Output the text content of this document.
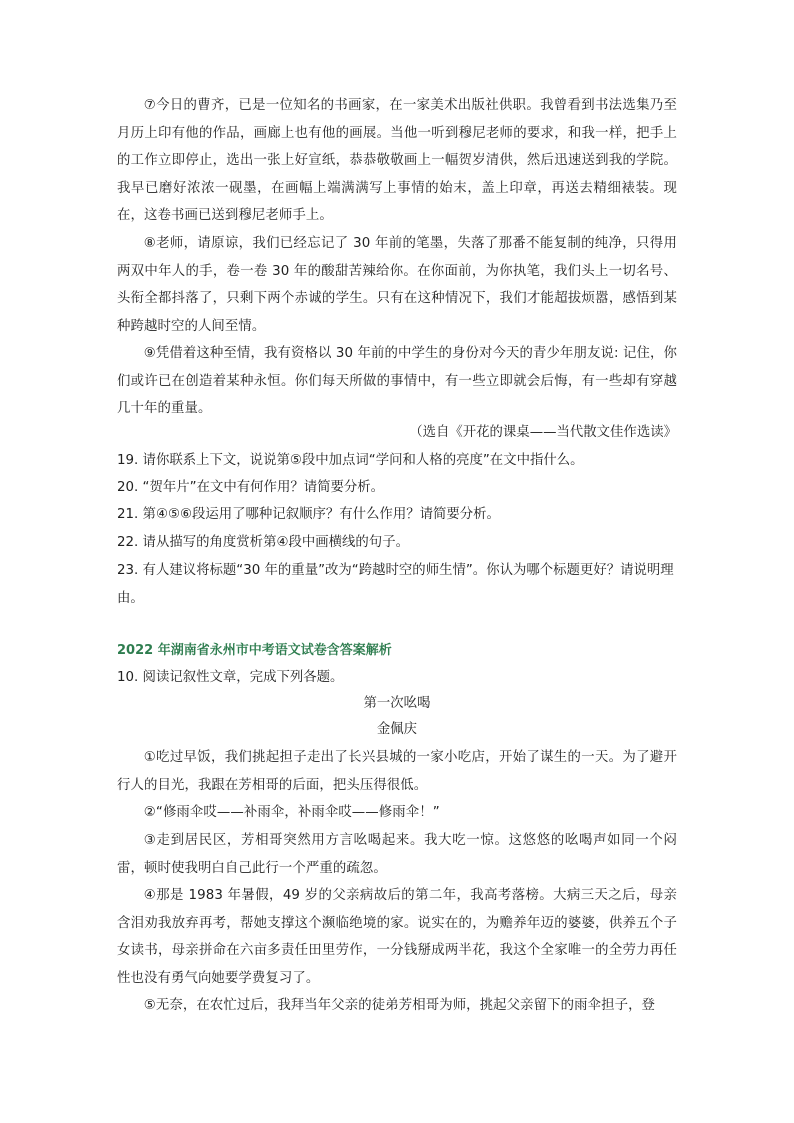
⑦今日的曹齐，已是一位知名的书画家，在一家美术出版社供职。我曾看到书法选集乃至月历上印有他的作品，画廊上也有他的画展。当他一听到穆尼老师的要求，和我一样，把手上的工作立即停止，选出一张上好宣纸，恭恭敬敬画上一幅贺岁清供，然后迅速送到我的学院。我早已磨好浓浓一砚墨，在画幅上端满满写上事情的始末，盖上印章，再送去精细裱装。现在，这卷书画已送到穆尼老师手上。

⑧老师，请原谅，我们已经忘记了 30 年前的笔墨，失落了那番不能复制的纯净，只得用两双中年人的手，卷一卷 30 年的酸甜苦辣给你。在你面前，为你执笔，我们头上一切名号、头衔全都抖落了，只剩下两个赤诚的学生。只有在这种情况下，我们才能超拔烦嚣，感悟到某种跨越时空的人间至情。

⑨凭借着这种至情，我有资格以 30 年前的中学生的身份对今天的青少年朋友说: 记住，你们或许已在创造着某种永恒。你们每天所做的事情中，有一些立即就会后悔，有一些却有穿越几十年的重量。

（选自《开花的课桌——当代散文佳作选读》

19. 请你联系上下文，说说第⑤段中加点词“学问和人格的亮度”在文中指什么。

20. “贺年片”在文中有何作用？请简要分析。

21. 第④⑤⑥段运用了哪种记叙顺序？有什么作用？请简要分析。

22. 请从描写的角度赏析第④段中画横线的句子。

23. 有人建议将标题“30 年的重量”改为“跨越时空的师生情”。你认为哪个标题更好？请说明理由。

2022 年湖南省永州市中考语文试卷含答案解析

10. 阅读记叙性文章，完成下列各题。

第一次吆喝

金佩庆

①吃过早饭，我们挑起担子走出了长兴县城的一家小吃店，开始了谋生的一天。为了避开行人的目光，我跟在芳相哥的后面，把头压得很低。

②“修雨伞哎——补雨伞，补雨伞哎——修雨伞！”

③走到居民区，芳相哥突然用方言吆喝起来。我大吃一惊。这悠悠的吆喝声如同一个闷雷，顿时使我明白自己此行一个严重的疏忽。

④那是 1983 年暑假，49 岁的父亲病故后的第二年，我高考落榜。大病三天之后，母亲含泪劝我放弃再考，帮她支撑这个濒临绝境的家。说实在的，为赡养年迈的婆婆，供养五个子女读书，母亲拼命在六亩多责任田里劳作，一分钱掰成两半花，我这个全家唯一的全劳力再任性也没有勇气向她要学费复习了。

⑤无奈，在农忙过后，我拜当年父亲的徒弟芳相哥为师，挑起父亲留下的雨伞担子，登
